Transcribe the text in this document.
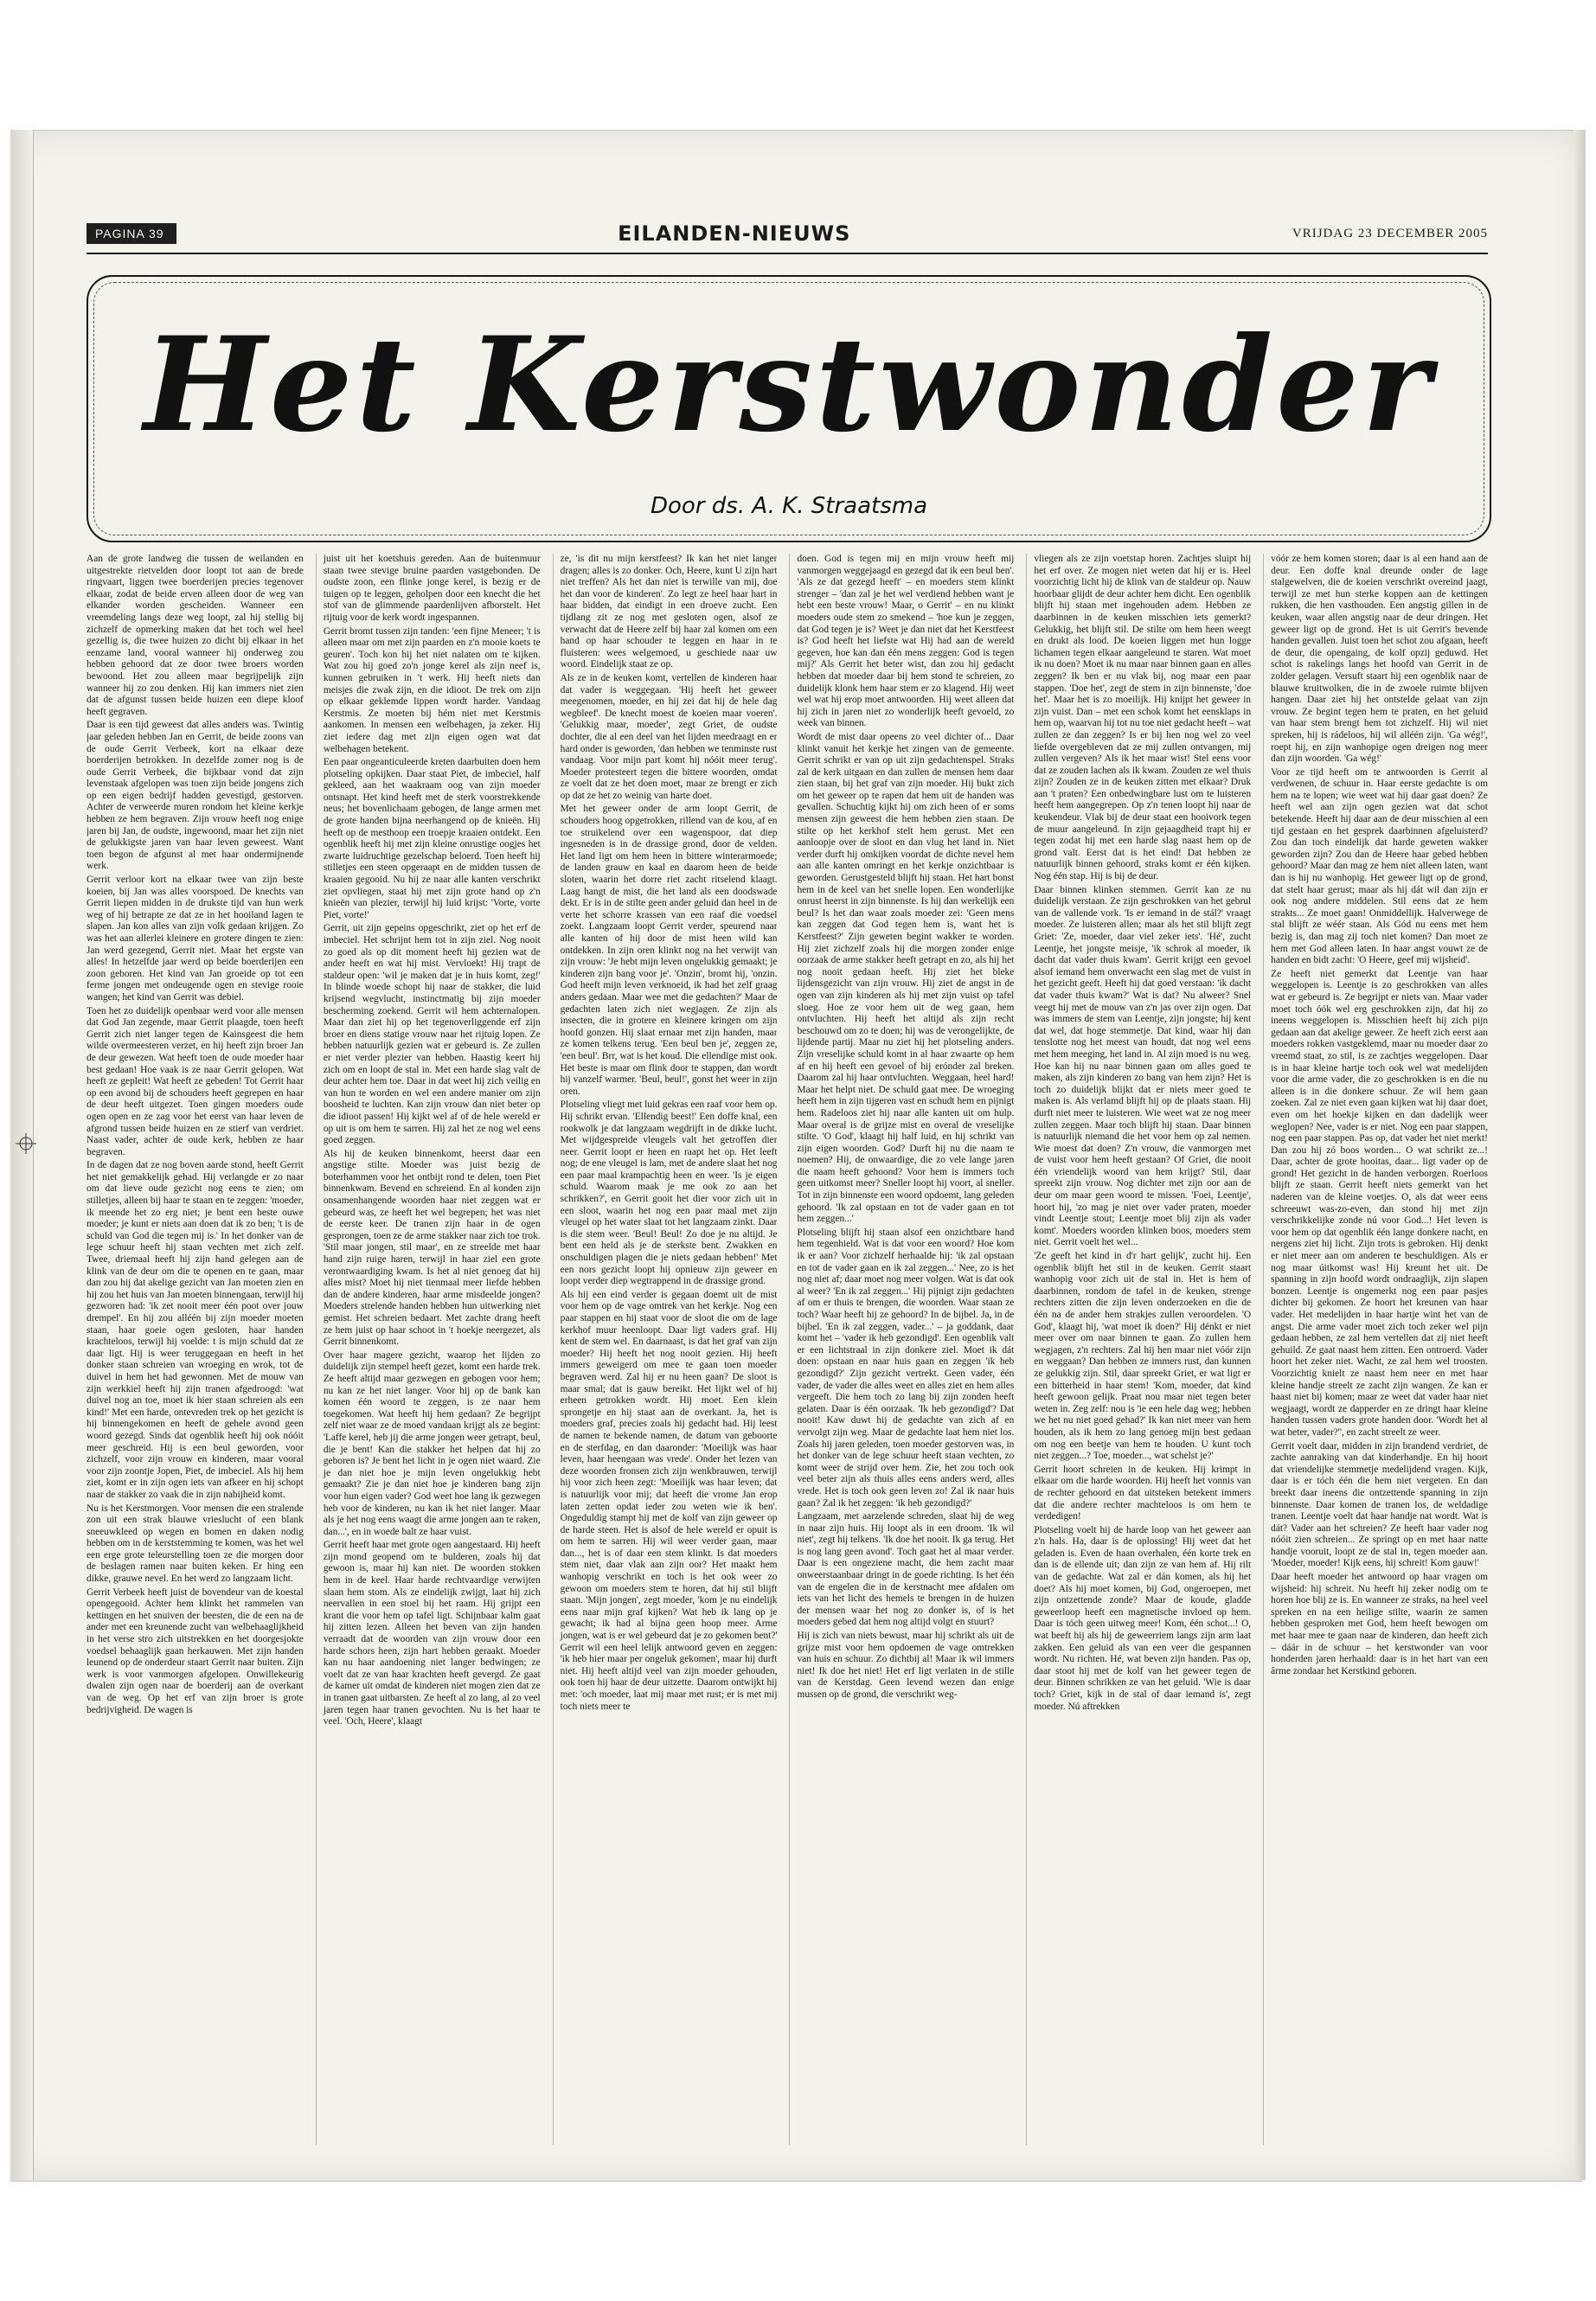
PAGINA 39	EILANDEN-NIEUWS	VRIJDAG 23 DECEMBER 2005
Het Kerstwonder
Door ds. A. K. Straatsma

Aan de grote landweg die tussen de weilanden en uitgestrekte rietvelden door loopt tot aan de brede ringvaart, liggen twee boerderijen precies tegenover elkaar, zodat de beide erven alleen door de weg van elkander worden gescheiden. Wanneer een vreemdeling langs deze weg loopt, zal hij stellig bij zichzelf de opmerking maken dat het toch wel heel gezellig is, die twee huizen zo dicht bij elkaar in het eenzame land, vooral wanneer hij onderweg zou hebben gehoord dat ze door twee broers worden bewoond. Het zou alleen maar begrijpelijk zijn wanneer hij zo zou denken. Hij kan immers niet zien dat de afgunst tussen beide huizen een diepe kloof heeft gegraven.

Daar is een tijd geweest dat alles anders was. Twintig jaar geleden hebben Jan en Gerrit, de beide zoons van de oude Gerrit Verbeek, kort na elkaar deze boerderijen betrokken. In dezelfde zomer nog is de oude Gerrit Verbeek, die bijkbaar vond dat zijn levenstaak afgelopen was toen zijn beide jongens zich op een eigen bedrijf hadden gevestigd, gestorven. Achter de verweerde muren rondom het kleine kerkje hebben ze hem begraven. Zijn vrouw heeft nog enige jaren bij Jan, de oudste, ingewoond, maar het zijn niet de gelukkigste jaren van haar leven geweest. Want toen begon de afgunst al met haar ondermijnende werk.

Gerrit verloor kort na elkaar twee van zijn beste koeien, bij Jan was alles voorspoed. De knechts van Gerrit liepen midden in de drukste tijd van hun werk weg of hij betrapte ze dat ze in het hooiland lagen te slapen. Jan kon alles van zijn volk gedaan krijgen. Zo was het aan allerlei kleinere en grotere dingen te zien: Jan werd gezegend, Gerrit niet. Maar het ergste van alles! In hetzelfde jaar werd op beide boerderijen een zoon geboren. Het kind van Jan groeide op tot een ferme jongen met ondeugende ogen en stevige rooie wangen; het kind van Gerrit was debiel.

Toen het zo duidelijk openbaar werd voor alle mensen dat God Jan zegende, maar Gerrit plaagde, toen heeft Gerrit zich niet langer tegen de Kainsgeest die hem wilde overmeesteren verzet, en hij heeft zijn broer Jan de deur gewezen. Wat heeft toen de oude moeder haar best gedaan! Hoe vaak is ze naar Gerrit gelopen. Wat heeft ze gepleit! Wat heeft ze gebeden! Tot Gerrit haar op een avond bij de schouders heeft gegrepen en haar de deur heeft uitgezet. Toen gingen moeders oude ogen open en ze zag voor het eerst van haar leven de afgrond tussen beide huizen en ze stierf van verdriet. Naast vader, achter de oude kerk, hebben ze haar begraven.

In de dagen dat ze nog boven aarde stond, heeft Gerrit het niet gemakkelijk gehad. Hij verlangde er zo naar om dat lieve oude gezicht nog eens te zien; om stilletjes, alleen bij haar te staan en te zeggen: 'moeder, ik meende het zo erg niet; je bent een beste ouwe moeder; je kunt er niets aan doen dat ik zo ben; 't is de schuld van God die tegen mij is.' In het donker van de lege schuur heeft hij staan vechten met zich zelf. Twee, driemaal heeft hij zijn hand gelegen aan de klink van de deur om die te openen en te gaan, maar dan zou hij dat akelige gezicht van Jan moeten zien en hij zou het huis van Jan moeten binnengaan, terwijl hij gezworen had: 'ik zet nooit meer één poot over jouw drempel'. En hij zou alléén bij zijn moeder moeten staan, haar goeie ogen gesloten, haar handen krachteloos, terwijl hij voelde: t is mijn schuld dat ze daar ligt. Hij is weer teruggegaan en heeft in het donker staan schreien van wroeging en wrok, tot de duivel in hem het had gewonnen. Met de mouw van zijn werkkiel heeft hij zijn tranen afgedroogd: 'wat duivel nog an toe, moet ik hier staan schreien als een kind!' Met een harde, ontevreden trek op het gezicht is hij binnengekomen en heeft de gehele avond geen woord gezegd. Sinds dat ogenblik heeft hij ook nóóit meer geschreid. Hij is een beul geworden, voor zichzelf, voor zijn vrouw en kinderen, maar vooral voor zijn zoontje Jopen, Piet, de imbeciel. Als hij hem ziet, komt er in zijn ogen iets van afkeer en hij schopt naar de stakker zo vaak die in zijn nabijheid komt.

Nu is het Kerstmorgen. Voor mensen die een stralende zon uit een strak blauwe vrieslucht of een blank sneeuwkleed op wegen en bomen en daken nodig hebben om in de kerststemming te komen, was het wel een erge grote teleurstelling toen ze die morgen door de beslagen ramen naar buiten keken. Er hing een dikke, grauwe nevel. En het werd zo langzaam licht.

Gerrit Verbeek heeft juist de bovendeur van de koestal opengegooid. Achter hem klinkt het rammelen van kettingen en het snuiven der beesten, die de een na de ander met een kreunende zucht van welbehaaglijkheid in het verse stro zich uitstrekken en het doorgesjokte voedsel behaaglijk gaan herkauwen. Met zijn handen leunend op de onderdeur staart Gerrit naar buiten. Zijn werk is voor vanmorgen afgelopen. Onwillekeurig dwalen zijn ogen naar de boerderij aan de overkant van de weg. Op het erf van zijn broer is grote bedrijvigheid. De wagen is

juist uit het koetshuis gereden. Aan de buitenmuur staan twee stevige bruine paarden vastgebonden. De oudste zoon, een flinke jonge kerel, is bezig er de tuigen op te leggen, geholpen door een knecht die het stof van de glimmende paardenlijven afborstelt. Het rijtuig voor de kerk wordt ingespannen.

Gerrit bromt tussen zijn tanden: 'een fijne Meneer; 't is alleen maar om met zijn paarden en z'n mooie koets te geuren'. Toch kon hij het niet nalaten om te kijken. Wat zou hij goed zo'n jonge kerel als zijn neef is, kunnen gebruiken in 't werk. Hij heeft niets dan meisjes die zwak zijn, en die idioot. De trek om zijn op elkaar geklemde lippen wordt harder. Vandaag Kerstmis. Ze moeten bij hém niet met Kerstmis aankomen. In mensen een welbehagen, ja zeker. Hij ziet iedere dag met zijn eigen ogen wat dat welbehagen betekent.

Een paar ongeanticuleerde kreten daarbuiten doen hem plotseling opkijken. Daar staat Piet, de imbeciel, half gekleed, aan het waakraam oog van zijn moeder ontsnapt. Het kind heeft met de sterk voorstrekkende neus; het bovenlichaam gebogen, de lange armen met de grote handen bijna neerhangend op de knieën. Hij heeft op de mesthoop een troepje kraaien ontdekt. Een ogenblik heeft hij met zijn kleine onrustige oogjes het zwarte luidruchtige gezelschap beloerd. Toen heeft hij stilletjes een steen opgeraapt en de midden tussen de kraaien gegooid. Nu hij ze naar alle kanten verschrikt ziet opvliegen, staat hij met zijn grote hand op z'n knieën van plezier, terwijl hij luid krijst: 'Vorte, vorte Piet, vorte!'

Gerrit, uit zijn gepeins opgeschrikt, ziet op het erf de imbeciel. Het schrijnt hem tot in zijn ziel. Nog nooit zo goed als op dit moment heeft hij gezien wat de ander heeft en wat hij mist. Vervloekt! Hij trapt de staldeur open: 'wil je maken dat je in huis komt, zeg!' In blinde woede schopt hij naar de stakker, die luid krijsend wegvlucht, instinctmatig bij zijn moeder bescherming zoekend. Gerrit wil hem achternalopen. Maar dan ziet hij op het tegenoverliggende erf zijn broer en diens statige vrouw naar het rijtuig lopen. Ze hebben natuurlijk gezien wat er gebeurd is. Ze zullen er niet verder plezier van hebben. Haastig keert hij zich om en loopt de stal in. Met een harde slag valt de deur achter hem toe. Daar in dat weet hij zich veilig en van hun te worden en wel een andere manier om zijn boosheid te luchten. Kan zijn vrouw dan niet beter op die idioot passen! Hij kijkt wel af of de hele wereld er op uit is om hem te sarren. Hij zal het ze nog wel eens goed zeggen.

Als hij de keuken binnenkomt, heerst daar een angstige stilte. Moeder was juist bezig de boterhammen voor het ontbijt rond te delen, toen Piet binnenkwam. Bevend en schreiend. En al konden zijn onsamenhangende woorden haar niet zeggen wat er gebeurd was, ze heeft het wel begrepen; het was niet de eerste keer. De tranen zijn haar in de ogen gesprongen, toen ze de arme stakker naar zich toe trok. 'Stil maar jongen, stil maar', en ze streelde met haar hand zijn ruige haren, terwijl in haar ziel een grote verontwaardiging kwam. Is het al niet genoeg dat hij alles mist? Moet hij niet tienmaal meer liefde hebben dan de andere kinderen, haar arme misdeelde jongen? Moeders strelende handen hebben hun uitwerking niet gemist. Het schreien bedaart. Met zachte drang heeft ze hem juist op haar schoot in 't hoekje neergezet, als Gerrit binnenkomt.

Over haar magere gezicht, waarop het lijden zo duidelijk zijn stempel heeft gezet, komt een harde trek. Ze heeft altijd maar gezwegen en gebogen voor hem; nu kan ze het niet langer. Voor hij op de bank kan komen één woord te zeggen, is ze naar hem toegekomen. Wat heeft hij hem gedaan? Ze begrijpt zelf niet waar ze de moed vandaan krijgt als ze begint: 'Laffe kerel, heb jij die arme jongen weer getrapt, beul, die je bent! Kan die stakker het helpen dat hij zo geboren is? Je bent het licht in je ogen niet waard. Zie je dan niet hoe je mijn leven ongelukkig hebt gemaakt? Zie je dan niet hoe je kinderen bang zijn voor hun eigen vader? God weet hoe lang ik gezwegen heb voor de kinderen, nu kan ik het niet langer. Maar als je het nog eens waagt die arme jongen aan te raken, dan...', en in woede balt ze haar vuist.

Gerrit heeft haar met grote ogen aangestaard. Hij heeft zijn mond geopend om te bulderen, zoals hij dat gewoon is, maar hij kan niet. De woorden stokken hem in de keel. Haar harde rechtvaardige verwijten slaan hem stom. Als ze eindelijk zwijgt, laat hij zich neervallen in een stoel bij het raam. Hij grijpt een krant die voor hem op tafel ligt. Schijnbaar kalm gaat hij zitten lezen. Alleen het beven van zijn handen verraadt dat de woorden van zijn vrouw door een harde schors heen, zijn hart hebben geraakt. Moeder kan nu haar aandoening niet langer bedwingen; ze voelt dat ze van haar krachten heeft gevergd. Ze gaat de kamer uit omdat de kinderen niet mogen zien dat ze in tranen gaat uitbarsten. Ze heeft al zo lang, al zo veel jaren tegen haar tranen gevochten. Nu is het haar te veel. 'Och, Heere', klaagt

ze, 'is dit nu mijn kerstfeest? Ik kan het niet langer dragen; alles is zo donker. Och, Heere, kunt U zijn hart niet treffen? Als het dan niet is terwille van mij, doe het dan voor de kinderen'. Zo legt ze heel haar hart in haar bidden, dat eindigt in een droeve zucht. Een tijdlang zit ze nog met gesloten ogen, alsof ze verwacht dat de Heere zelf bij haar zal komen om een hand op haar schouder te leggen en haar in te fluisteren: wees welgemoed, u geschiede naar uw woord. Eindelijk staat ze op.

Als ze in de keuken komt, vertellen de kinderen haar dat vader is weggegaan. 'Hij heeft het geweer meegenomen, moeder, en hij zei dat hij de hele dag wegbleef'. De knecht moest de koeien maar voeren'. 'Gelukkig maar, moeder', zegt Griet, de oudste dochter, die al een deel van het lijden meedraagt en er hard onder is geworden, 'dan hebben we tenminste rust vandaag. Voor mijn part komt hij nóóit meer terug'. Moeder protesteert tegen die bittere woorden, omdat ze voelt dat ze het doen moet, maar ze brengt er zich op dat ze het zo weinig van harte doet.

Met het geweer onder de arm loopt Gerrit, de schouders hoog opgetrokken, rillend van de kou, af en toe struikelend over een wagenspoor, dat diep ingesneden is in de drassige grond, door de velden. Het land ligt om hem heen in bittere winterarmoede; de landen grauw en kaal en daarom heen de beide sloten, waarin het dorre riet zacht ritselend klaagt. Laag hangt de mist, die het land als een doodswade dekt. Er is in de stilte geen ander geluid dan heel in de verte het schorre krassen van een raaf die voedsel zoekt. Langzaam loopt Gerrit verder, speurend naar alle kanten of hij door de mist heen wild kan ontdekken. In zijn oren klinkt nog na het verwijt van zijn vrouw: 'Je hebt mijn leven ongelukkig gemaakt; je kinderen zijn bang voor je'. 'Onzin', bromt hij, 'onzin. God heeft mijn leven verknoeid, ik had het zelf graag anders gedaan. Maar wee met die gedachten?' Maar de gedachten laten zich niet wegjagen. Ze zijn als insecten, die in grotere en kleinere kringen om zijn hoofd gonzen. Hij slaat ernaar met zijn handen, maar ze komen telkens terug. 'Een beul ben je', zeggen ze, 'een beul'. Brr, wat is het koud. Die ellendige mist ook. Het beste is maar om flink door te stappen, dan wordt hij vanzelf warmer. 'Beul, beul!', gonst het weer in zijn oren.

Plotseling vliegt met luid gekras een raaf voor hem op. Hij schrikt ervan. 'Ellendig beest!' Een doffe knal, een rookwolk je dat langzaam wegdrijft in de dikke lucht. Met wijdgespreide vleugels valt het getroffen dier neer. Gerrit loopt er heen en raapt het op. Het leeft nog; de ene vleugel is lam, met de andere slaat het nog een paar maal krampachtig heen en weer. 'Is je eigen schuld. Waarom maak je me ook zo aan het schrikken?', en Gerrit gooit het dier voor zich uit in een sloot, waarin het nog een paar maal met zijn vleugel op het water slaat tot het langzaam zinkt. Daar is die stem weer. 'Beul! Beul! Zo doe je nu altijd. Je bent een held als je de sterkste bent. Zwakken en onschuldigen plagen die je niets gedaan hebben!' Met een nors gezicht loopt hij opnieuw zijn geweer en loopt verder diep wegtrappend in de drassige grond.

Als hij een eind verder is gegaan doemt uit de mist voor hem op de vage omtrek van het kerkje. Nog een paar stappen en hij staat voor de sloot die om de lage kerkhof muur heenloopt. Daar ligt vaders graf. Hij kent de stem wel. En daarnaast, is dat het graf van zijn moeder? Hij heeft het nog nooit gezien. Hij heeft immers geweigerd om mee te gaan toen moeder begraven werd. Zal hij er nu heen gaan? De sloot is maar smal; dat is gauw bereikt. Het lijkt wel of hij erheen getrokken wordt. Hij moet. Een klein sprongetje en hij staat aan de overkant. Ja, het is moeders graf, precies zoals hij gedacht had. Hij leest de namen te bekende namen, de datum van geboorte en de sterfdag, en dan daaronder: 'Moeilijk was haar leven, haar heengaan was vrede'. Onder het lezen van deze woorden fronsen zich zijn wenkbrauwen, terwijl hij voor zich heen zegt: 'Moeilijk was haar leven; dat is natuurlijk voor mij; dat heeft die vrome Jan erop laten zetten opdat ieder zou weten wie ik ben'. Ongeduldig stampt hij met de kolf van zijn geweer op de harde steen. Het is alsof de hele wereld er opuit is om hem te sarren. Hij wil weer verder gaan, maar dan..., het is of daar een stem klinkt. Is dat moeders stem niet, daar vlak aan zijn oor? Het maakt hem wanhopig verschrikt en toch is het ook weer zo gewoon om moeders stem te horen, dat hij stil blijft staan. 'Mijn jongen', zegt moeder, 'kom je nu eindelijk eens naar mijn graf kijken? Wat heb ik lang op je gewacht; ik had al bijna geen hoop meer. Arme jongen, wat is er wel gebeurd dat je zo gekomen bent?' Gerrit wil een heel lelijk antwoord geven en zeggen: 'ik heb hier maar per ongeluk gekomen', maar hij durft niet. Hij heeft altijd veel van zijn moeder gehouden, ook toen hij haar de deur uitzette. Daarom ontwijkt hij met: 'och moeder, laat mij maar met rust; er is met mij toch niets meer te

doen. God is tegen mij en mijn vrouw heeft mij vanmorgen weggejaagd en gezegd dat ik een beul ben'. 'Als ze dat gezegd heeft' – en moeders stem klinkt strenger – 'dan zal je het wel verdiend hebben want je hebt een beste vrouw! Maar, o Gerrit' – en nu klinkt moeders oude stem zo smekend – 'hoe kun je zeggen, dat God tegen je is? Weet je dan niet dat het Kerstfeest is? God heeft het liefste wat Hij had aan de wereld gegeven, hoe kan dan één mens zeggen: God is tegen mij?' Als Gerrit het beter wist, dan zou hij gedacht hebben dat moeder daar bij hem stond te schreien, zo duidelijk klonk hem haar stem er zo klagend. Hij weet wel wat hij erop moet antwoorden. Hij weet alleen dat hij zich in jaren niet zo wonderlijk heeft gevoeld, zo week van binnen.

Wordt de mist daar opeens zo veel dichter of... Daar klinkt vanuit het kerkje het zingen van de gemeente. Gerrit schrikt er van op uit zijn gedachtenspel. Straks zal de kerk uitgaan en dan zullen de mensen hem daar zien staan, bij het graf van zijn moeder. Hij bukt zich om het geweer op te rapen dat hem uit de handen was gevallen. Schuchtig kijkt hij om zich heen of er soms mensen zijn geweest die hem hebben zien staan. De stilte op het kerkhof stelt hem gerust. Met een aanloopje over de sloot en dan vlug het land in. Niet verder durft hij omkijken voordat de dichte nevel hem aan alle kanten omringt en het kerkje onzichtbaar is geworden. Gerustgesteld blijft hij staan. Het hart bonst hem in de keel van het snelle lopen. Een wonderlijke onrust heerst in zijn binnenste. Is hij dan werkelijk een beul? Is het dan waar zoals moeder zei: 'Geen mens kan zeggen dat God tegen hem is, want het is Kerstfeest?' Zijn geweten begint wakker te worden. Hij ziet zichzelf zoals hij die morgen zonder enige oorzaak de arme stakker heeft getrapt en zo, als hij het nog nooit gedaan heeft. Hij ziet het bleke lijdensgezicht van zijn vrouw. Hij ziet de angst in de ogen van zijn kinderen als hij met zijn vuist op tafel sloeg. Hoe ze voor hem uit de weg gaan, hem ontvluchten. Hij heeft het altijd als zijn recht beschouwd om zo te doen; hij was de verongelijkte, de lijdende partij. Maar nu ziet hij het plotseling anders. Zijn vreselijke schuld komt in al haar zwaarte op hem af en hij heeft een gevoel of hij erónder zal breken. Daarom zal hij haar ontvluchten. Weggaan, heel hard! Maar het helpt niet. De schuld gaat mee. De wroeging heeft hem in zijn tijgeren vast en schudt hem en pijnigt hem. Radeloos ziet hij naar alle kanten uit om hulp. Maar overal is de grijze mist en overal de vreselijke stilte. 'O God', klaagt hij half luid, en hij schrikt van zijn eigen woorden. God? Durft hij nu die naam te noemen? Hij, de onwaardige, die zo vele lange jaren die naam heeft gehoond? Voor hem is immers toch geen uitkomst meer? Sneller loopt hij voort, al sneller. Tot in zijn binnenste een woord opdoemt, lang geleden gehoord. 'Ik zal opstaan en tot de vader gaan en tot hem zeggen...'

Plotseling blijft hij staan alsof een onzichtbare hand hem tegenhield. Wat is dat voor een woord? Hoe kom ik er aan? Voor zichzelf herhaalde hij: 'ik zal opstaan en tot de vader gaan en ik zal zeggen...' Nee, zo is het nog niet af; daar moet nog meer volgen. Wat is dat ook al weer? 'En ik zal zeggen...' Hij pijnigt zijn gedachten af om er thuis te brengen, die woorden. Waar staan ze toch? Waar heeft hij ze gehoord? In de bijbel. Ja, in de bijbel. 'En ik zal zeggen, vader...' – ja goddank, daar komt het – 'vader ik heb gezondigd'. Een ogenblik valt er een lichtstraal in zijn donkere ziel. Moet ik dát doen: opstaan en naar huis gaan en zeggen 'ik heb gezondigd?' Zijn gezicht vertrekt. Geen vader, één vader, de vader die alles weet en alles ziet en hem alles vergeeft. Die hem toch zo lang bij zijn zonden heeft gelaten. Daar is één oorzaak. 'Ik heb gezondigd'? Dat nooit! Kaw duwt hij de gedachte van zich af en vervolgt zijn weg. Maar de gedachte laat hem niet los. Zoals hij jaren geleden, toen moeder gestorven was, in het donker van de lege schuur heeft staan vechten, zo komt weer de strijd over hem. Zie, het zou toch ook veel beter zijn als thuis alles eens anders werd, alles vrede. Het is toch ook geen leven zo! Zal ik naar huis gaan? Zal ik het zeggen: 'ik heb gezondigd?'

Langzaam, met aarzelende schreden, slaat hij de weg in naar zijn huis. Hij loopt als in een droom. 'Ik wil niet', zegt hij telkens. 'Ik doe het nooit. Ik ga terug. Het is nog lang geen avond'. Toch gaat het al maar verder. Daar is een ongeziene macht, die hem zacht maar onweerstaanbaar dringt in de goede richting. Is het één van de engelen die in de kerstnacht mee afdalen om iets van het licht des hemels te brengen in de huizen der mensen waar het nog zo donker is, of is het moeders gebed dat hem nog altijd volgt en stuurt?

Hij is zich van niets bewust, maar hij schrikt als uit de grijze mist voor hem opdoemen de vage omtrekken van huis en schuur. Zo dichtbij al! Maar ik wil immers niet! Ik doe het niet! Het erf ligt verlaten in de stille van de Kerstdag. Geen levend wezen dan enige mussen op de grond, die verschrikt weg-

vliegen als ze zijn voetstap horen. Zachtjes sluipt hij het erf over. Ze mogen niet weten dat hij er is. Heel voorzichtig licht hij de klink van de staldeur op. Nauw hoorbaar glijdt de deur achter hem dicht. Een ogenblik blijft hij staan met ingehouden adem. Hebben ze daarbinnen in de keuken misschien iets gemerkt? Gelukkig, het blijft stil. De stilte om hem heen weegt en drukt als lood. De koeien liggen met hun logge lichamen tegen elkaar aangeleund te staren. Wat moet ik nu doen? Moet ik nu maar naar binnen gaan en alles zeggen? Ik ben er nu vlak bij, nog maar een paar stappen. 'Doe het', zegt de stem in zijn binnenste, 'doe het'. Maar het is zo moeilijk. Hij knijpt het geweer in zijn vuist. Dan – met een schok komt het eensklaps in hem op, waarvan hij tot nu toe niet gedacht heeft – wat zullen ze dan zeggen? Is er bij hen nog wel zo veel liefde overgebleven dat ze mij zullen ontvangen, mij zullen vergeven? Als ik het maar wist! Stel eens voor dat ze zouden lachen als ik kwam. Zouden ze wel thuis zijn? Zouden ze in de keuken zitten met elkaar? Druk aan 't praten? Een onbedwingbare lust om te luisteren heeft hem aangegrepen. Op z'n tenen loopt hij naar de keukendeur. Vlak bij de deur staat een hooivork tegen de muur aangeleund. In zijn gejaagdheid trapt hij er tegen zodat hij met een harde slag naast hem op de grond valt. Eerst dat is het eind! Dat hebben ze natuurlijk binnen gehoord, straks komt er één kijken. Nog één stap. Hij is bij de deur.

Daar binnen klinken stemmen. Gerrit kan ze nu duidelijk verstaan. Ze zijn geschrokken van het gebrul van de vallende vork. 'Is er iemand in de stál?' vraagt moeder. Ze luisteren allen; maar als het stil blijft zegt Griet: 'Ze, moeder, daar viel zeker iets'. 'Hé', zucht Leentje, het jongste meisje, 'ik schrok al moeder, ik dacht dat vader thuis kwam'. Gerrit krijgt een gevoel alsof iemand hem onverwacht een slag met de vuist in het gezicht geeft. Heeft hij dat goed verstaan: 'ik dacht dat vader thuis kwam?' Wat is dat? Nu alweer? Snel veegt hij met de mouw van z'n jas over zijn ogen. Dat was immers de stem van Leentje, zijn jongste; hij kent dat wel, dat hoge stemmetje. Dat kind, waar hij dan tenslotte nog het meest van houdt, dat nog wel eens met hem meeging, het land in. Al zijn moed is nu weg. Hoe kan hij nu naar binnen gaan om alles goed te maken, als zijn kinderen zo bang van hem zijn? Het is toch zo duidelijk blijkt dat er niets meer goed te maken is. Als verlamd blijft hij op de plaats staan. Hij durft niet meer te luisteren. Wie weet wat ze nog meer zullen zeggen. Maar toch blijft hij staan. Daar binnen is natuurlijk niemand die het voor hem op zal nemen. Wie moest dat doen? Z'n vrouw, die vanmorgen met de vuist voor hem heeft gestaan? Of Griet, die nooit één vriendelijk woord van hem krijgt? Stil, daar spreekt zijn vrouw. Nog dichter met zijn oor aan de deur om maar geen woord te missen. 'Foei, Leentje', hoort hij, 'zo mag je niet over vader praten, moeder vindt Leentje stout; Leentje moet blij zijn als vader komt'. Moeders woorden klinken boos, moeders stem niet. Gerrit voelt het wel...

'Ze geeft het kind in d'r hart gelijk', zucht hij. Een ogenblik blijft het stil in de keuken. Gerrit staart wanhopig voor zich uit de stal in. Het is hem of daarbinnen, rondom de tafel in de keuken, strenge rechters zitten die zijn leven onderzoeken en die de één na de ander hem strakjes zullen veroordelen. 'O God', klaagt hij, 'wat moet ik doen?' Hij dénkt er niet meer over om naar binnen te gaan. Zo zullen hem wegjagen, z'n rechters. Zal hij hen maar niet vóór zijn en weggaan? Dan hebben ze immers rust, dan kunnen ze gelukkig zijn. Stil, daar spreekt Griet, er wat ligt er een bitterheid in haar stem! 'Kom, moeder, dat kind heeft gewoon gelijk. Praat nou maar niet tegen beter weten in. Zeg zelf: nou is 'ie een hele dag weg; hebben we het nu niet goed gehad?' Ik kan niet meer van hem houden, als ik hem zo lang genoeg mijn best gedaan om nog een beetje van hem te houden. U kunt toch niet zeggen...? Toe, moeder..., wat schelst je?'

Gerrit hoort schreien in de keuken. Hij krimpt in elkaar om die harde woorden. Hij heeft het vonnis van de rechter gehoord en dat uitsteken betekent immers dat die andere rechter machteloos is om hem te verdedigen!

Plotseling voelt hij de harde loop van het geweer aan z'n hals. Ha, daar is de oplossing! Hij weet dat het geladen is. Even de haan overhalen, één korte trek en dan is de ellende uit; dan zijn ze van hem af. Hij rilt van de gedachte. Wat zal er dán komen, als hij het doet? Als hij moet komen, bij God, ongeroepen, met zijn ontzettende zonde? Maar de koude, gladde geweerloop heeft een magnetische invloed op hem. Daar is tóch geen uitweg meer! Kom, één schot...! O, wat beeft hij als hij de geweerriem langs zijn arm laat zakken. Een geluid als van een veer die gespannen wordt. Nu richten. Hé, wat beven zijn handen. Pas op, daar stoot hij met de kolf van het geweer tegen de deur. Binnen schrikken ze van het geluid. 'Wie is daar toch? Griet, kijk in de stal of daar iemand is', zegt moeder. Nú aftrekken

vóór ze hem komen storen; daar is al een hand aan de deur. Een doffe knal dreunde onder de lage stalgewelven, die de koeien verschrikt overeind jaagt, terwijl ze met hun sterke koppen aan de kettingen rukken, die hen vasthouden. Een angstig gillen in de keuken, waar allen angstig naar de deur dringen. Het geweer ligt op de grond. Het is uit Gerrit's bevende handen gevallen. Juist toen het schot zou afgaan, heeft de deur, die opengaing, de kolf opzij geduwd. Het schot is rakelings langs het hoofd van Gerrit in de zolder gelagen. Versuft staart hij een ogenblik naar de blauwe kruitwolken, die in de zwoele ruimte blijven hangen. Daar ziet hij het ontstelde gelaat van zijn vrouw. Ze begint tegen hem te praten, en het geluid van haar stem brengt hem tot zichzelf. Hij wil niet spreken, hij is rádeloos, hij wil alléén zijn. 'Ga wég!', roept hij, en zijn wanhopige ogen dreigen nog meer dan zijn woorden. 'Ga wég!'

Voor ze tijd heeft om te antwoorden is Gerrit al verdwenen, de schuur in. Haar eerste gedachte is om hem na te lopen; wie weet wat hij daar gaat doen? Ze heeft wel aan zijn ogen gezien wat dat schot betekende. Heeft hij daar aan de deur misschien al een tijd gestaan en het gesprek daarbinnen afgeluisterd? Zou dan toch eindelijk dat harde geweten wakker geworden zijn? Zou dan de Heere haar gebed hebben gehoord? Maar dan mag ze hem niet alleen laten, want dan is hij nu wanhopig. Het geweer ligt op de grond, dat stelt haar gerust; maar als hij dát wil dan zijn er ook nog andere middelen. Stil eens dat ze hem strakts... Ze moet gaan! Onmiddellijk. Halverwege de stal blijft ze wéér staan. Als Gód nu eens met hem bezig is, dan mag zij toch niet komen? Dan moet ze hem met God alleen laten. In haar angst vouwt ze de handen en bidt zacht: 'O Heere, geef mij wijsheid'.

Ze heeft niet gemerkt dat Leentje van haar weggelopen is. Leentje is zo geschrokken van alles wat er gebeurd is. Ze begrijpt er niets van. Maar vader moet toch óók wel erg geschrokken zijn, dat hij zo ineens weggelopen is. Misschien heeft hij zich pijn gedaan aan dat akelige geweer. Ze heeft zich eerst aan moeders rokken vastgeklemd, maar nu moeder daar zo vreemd staat, zo stil, is ze zachtjes weggelopen. Daar is in haar kleine hartje toch ook wel wat medelijden voor die arme vader, die zo geschrokken is en die nu alleen is in die donkere schuur. Ze wil hem gaan zoeken. Zal ze niet even gaan kijken wat hij daar doet, even om het hoekje kijken en dan dadelijk weer weglopen? Nee, vader is er niet. Nog een paar stappen, nog een paar stappen. Pas op, dat vader het niet merkt! Dan zou hij zó boos worden... O wat schrikt ze...! Daar, achter de grote hooitas, daar... ligt vader op de grond! Het gezicht in de handen verborgen. Roerloos blijft ze staan. Gerrit heeft niets gemerkt van het naderen van de kleine voetjes. O, als dat weer eens schreeuwt was-zo-even, dan stond hij met zijn verschrikkelijke zonde nú voor God...! Het leven is voor hem op dat ogenblik één lange donkere nacht, en nergens ziet hij licht. Zijn trots is gebroken. Hij denkt er niet meer aan om anderen te beschuldigen. Als er nog maar úitkomst was! Hij kreunt het uit. De spanning in zijn hoofd wordt ondraaglijk, zijn slapen bonzen. Leentje is ongemerkt nog een paar pasjes dichter bij gekomen. Ze hoort het kreunen van haar vader. Het medelijden in haar hartje wint het van de angst. Die arme vader moet zich toch zeker wel pijn gedaan hebben, ze zal hem vertellen dat zij niet heeft gehuild. Ze gaat naast hem zitten. Een ontroerd. Vader hoort het zeker niet. Wacht, ze zal hem wel troosten. Voorzichtig knielt ze naast hem neer en met haar kleine handje streelt ze zacht zijn wangen. Ze kan er haast niet bij komen; maar ze weet dat vader haar niet wegjaagt, wordt ze dapperder en ze dringt haar kleine handen tussen vaders grote handen door. 'Wordt het al wat beter, vader?'', en zacht streelt ze weer.

Gerrit voelt daar, midden in zijn brandend verdriet, de zachte aanraking van dat kinderhandje. En hij hoort dat vriendelijke stemmetje medelijdend vragen. Kijk, daar is er tóch één die hem niet vergeten. En dan breekt daar ineens die ontzettende spanning in zijn binnenste. Daar komen de tranen los, de weldadige tranen. Leentje voelt dat haar handje nat wordt. Wat is dát? Vader aan het schreien? Ze heeft haar vader nog nóóit zien schreien... Ze springt op en met haar natte handje vooruit, loopt ze de stal in, tegen moeder aan. 'Moeder, moeder! Kijk eens, hij schreit! Kom gauw!'

Daar heeft moeder het antwoord op haar vragen om wijsheid: hij schreit. Nu heeft hij zeker nodig om te horen hoe blij ze is. En wanneer ze straks, na heel veel spreken en na een heilige stilte, waarin ze samen hebben gesproken met God, hem heeft bewogen om met haar mee te gaan naar de kinderen, dan heeft zich – dáár in de schuur – het kerstwonder van voor honderden jaren herhaald: daar is in het hart van een ârme zondaar het Kerstkind geboren.
